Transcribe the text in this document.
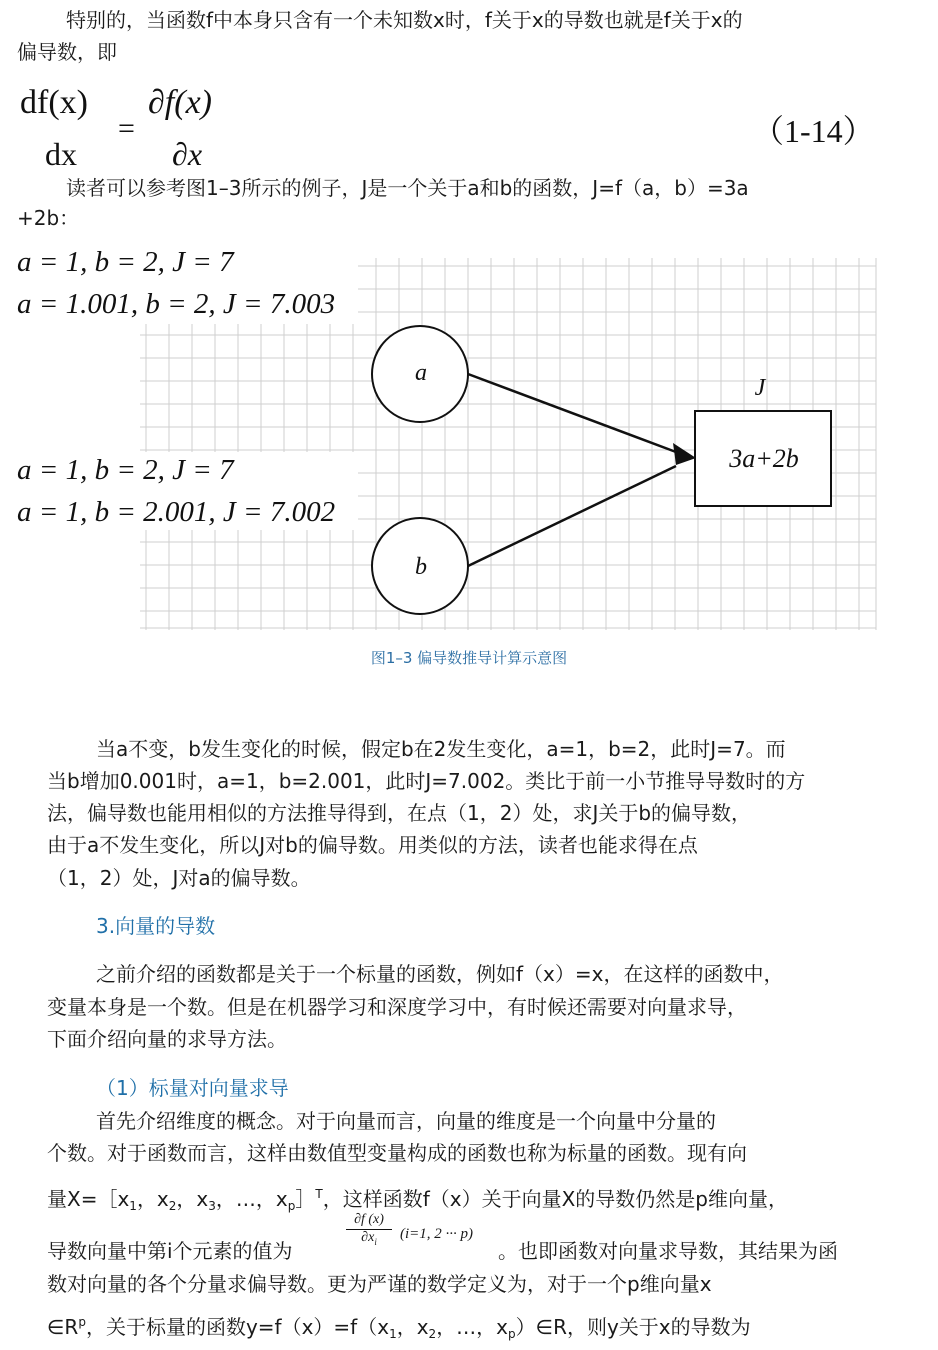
特别的，当函数f中本身只含有一个未知数x时，f关于x的导数也就是f关于x的
偏导数，即
df(x)
dx
=
∂f(x)
∂x
（1-14）
读者可以参考图1–3所示的例子，J是一个关于a和b的函数，J=f（a，b）=3a
+2b：
a
b
J
3a+2b
a = 1, b = 2, J = 7
a = 1.001, b = 2, J = 7.003
a = 1, b = 2, J = 7
a = 1, b = 2.001, J = 7.002
图1–3 偏导数推导计算示意图
当a不变，b发生变化的时候，假定b在2发生变化，a=1，b=2，此时J=7。而
当b增加0.001时，a=1，b=2.001，此时J=7.002。类比于前一小节推导导数时的方
法，偏导数也能用相似的方法推导得到，在点（1，2）处，求J关于b的偏导数，
由于a不发生变化，所以J对b的偏导数。用类似的方法，读者也能求得在点
（1，2）处，J对a的偏导数。
3.向量的导数
之前介绍的函数都是关于一个标量的函数，例如f（x）=x，在这样的函数中，
变量本身是一个数。但是在机器学习和深度学习中，有时候还需要对向量求导，
下面介绍向量的求导方法。
（1）标量对向量求导
首先介绍维度的概念。对于向量而言，向量的维度是一个向量中分量的
个数。对于函数而言，这样由数值型变量构成的函数也称为标量的函数。现有向
量$X=[x_1$，$x_2$，$x_3$，…，$x_p]^T$，这样函数f（x）关于向量X的导数仍然是p维向量，
导数向量中第i个元素的值为
$\frac{\partial f (x)}{\partial x_i} (i=1$, 2 ··· p)
。也即函数对向量求导数，其结果为函
数对向量的各个分量求偏导数。更为严谨的数学定义为，对于一个p维向量x
$\in R^p$，关于标量的函数$y=f(x)=f(x_1$，$x_2$，…，$x_p)\in R$，则y关于x的导数为
